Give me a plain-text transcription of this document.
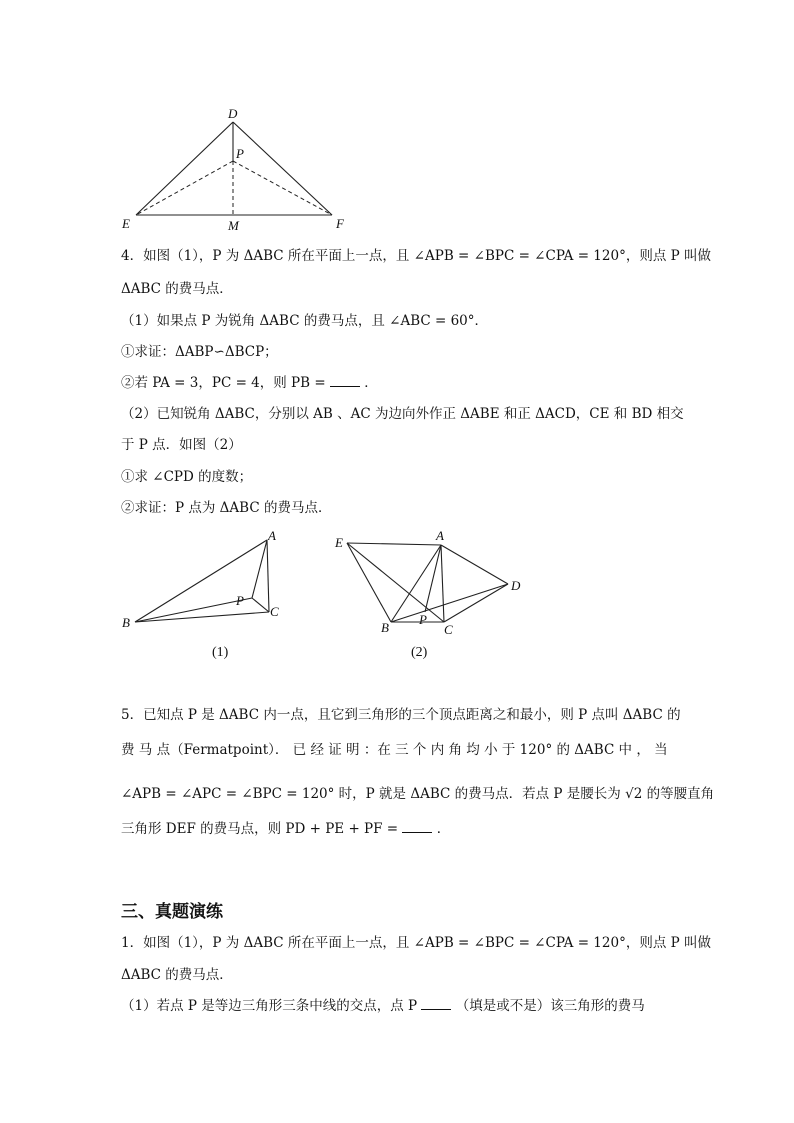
D
P
E	M	F
4．如图（1），P 为 ΔABC 所在平面上一点，且 ∠APB = ∠BPC = ∠CPA = 120°，则点 P 叫做
ΔABC 的费马点．
（1）如果点 P 为锐角 ΔABC 的费马点，且 ∠ABC = 60°．
①求证：ΔABP∽ΔBCP；
②若 PA = 3，PC = 4，则 PB =	．
（2）已知锐角 ΔABC，分别以 AB 、AC 为边向外作正 ΔABE 和正 ΔACD，CE 和 BD 相交
于 P 点．如图（2）
①求 ∠CPD 的度数；
②求证：P 点为 ΔABC 的费马点．
A
B
C
P
(1)
E	A
D
B
P
C
(2)
5．已知点 P 是 ΔABC 内一点，且它到三角形的三个顶点距离之和最小，则 P 点叫 ΔABC 的
费 马 点（Fermatpoint）． 已 经 证 明 ：在 三 个 内 角 均 小 于 120° 的 ΔABC 中 ， 当
∠APB = ∠APC = ∠BPC = 120° 时，P 就是 ΔABC 的费马点．若点 P 是腰长为 √2 的等腰直角
三角形 DEF 的费马点，则 PD + PE + PF =	．
三、真题演练
1．如图（1），P 为 ΔABC 所在平面上一点，且 ∠APB = ∠BPC = ∠CPA = 120°，则点 P 叫做
ΔABC 的费马点．
（1）若点 P 是等边三角形三条中线的交点，点 P	（填是或不是）该三角形的费马
